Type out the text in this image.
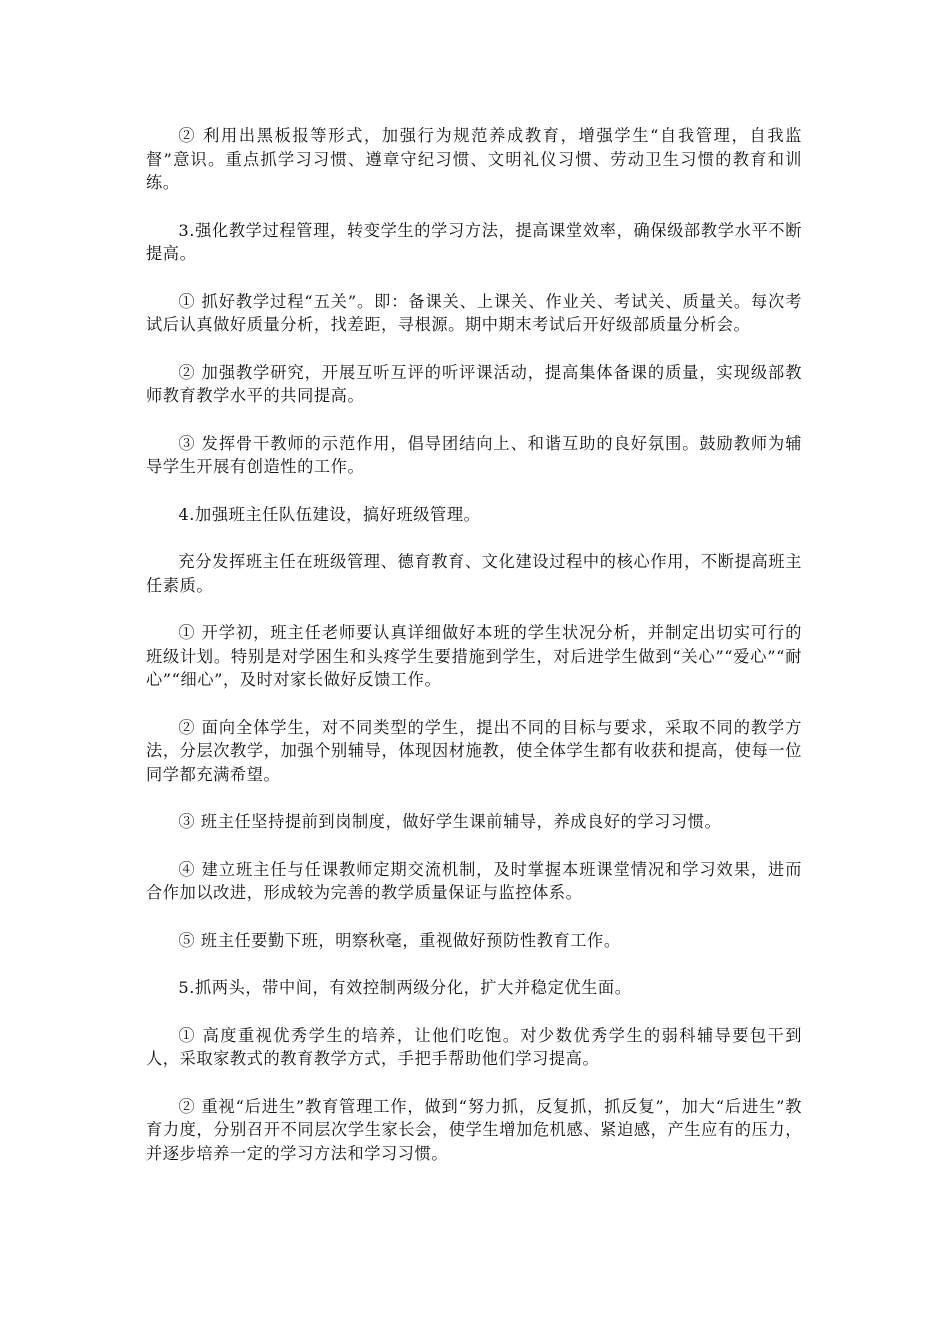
② 利用出黑板报等形式，加强行为规范养成教育，增强学生“自我管理，自我监督”意识。重点抓学习习惯、遵章守纪习惯、文明礼仪习惯、劳动卫生习惯的教育和训练。

3.强化教学过程管理，转变学生的学习方法，提高课堂效率，确保级部教学水平不断提高。

① 抓好教学过程“五关”。即：备课关、上课关、作业关、考试关、质量关。每次考试后认真做好质量分析，找差距，寻根源。期中期末考试后开好级部质量分析会。

② 加强教学研究，开展互听互评的听评课活动，提高集体备课的质量，实现级部教师教育教学水平的共同提高。

③ 发挥骨干教师的示范作用，倡导团结向上、和谐互助的良好氛围。鼓励教师为辅导学生开展有创造性的工作。

4.加强班主任队伍建设，搞好班级管理。

充分发挥班主任在班级管理、德育教育、文化建设过程中的核心作用，不断提高班主任素质。

① 开学初，班主任老师要认真详细做好本班的学生状况分析，并制定出切实可行的班级计划。特别是对学困生和头疼学生要措施到学生，对后进学生做到“关心”“爱心”“耐心”“细心”，及时对家长做好反馈工作。

② 面向全体学生，对不同类型的学生，提出不同的目标与要求，采取不同的教学方法，分层次教学，加强个别辅导，体现因材施教，使全体学生都有收获和提高，使每一位同学都充满希望。

③ 班主任坚持提前到岗制度，做好学生课前辅导，养成良好的学习习惯。

④ 建立班主任与任课教师定期交流机制，及时掌握本班课堂情况和学习效果，进而合作加以改进，形成较为完善的教学质量保证与监控体系。

⑤ 班主任要勤下班，明察秋毫，重视做好预防性教育工作。

5.抓两头，带中间，有效控制两级分化，扩大并稳定优生面。

① 高度重视优秀学生的培养，让他们吃饱。对少数优秀学生的弱科辅导要包干到人，采取家教式的教育教学方式，手把手帮助他们学习提高。

② 重视“后进生”教育管理工作，做到“努力抓，反复抓，抓反复”，加大“后进生”教育力度，分别召开不同层次学生家长会，使学生增加危机感、紧迫感，产生应有的压力，并逐步培养一定的学习方法和学习习惯。
